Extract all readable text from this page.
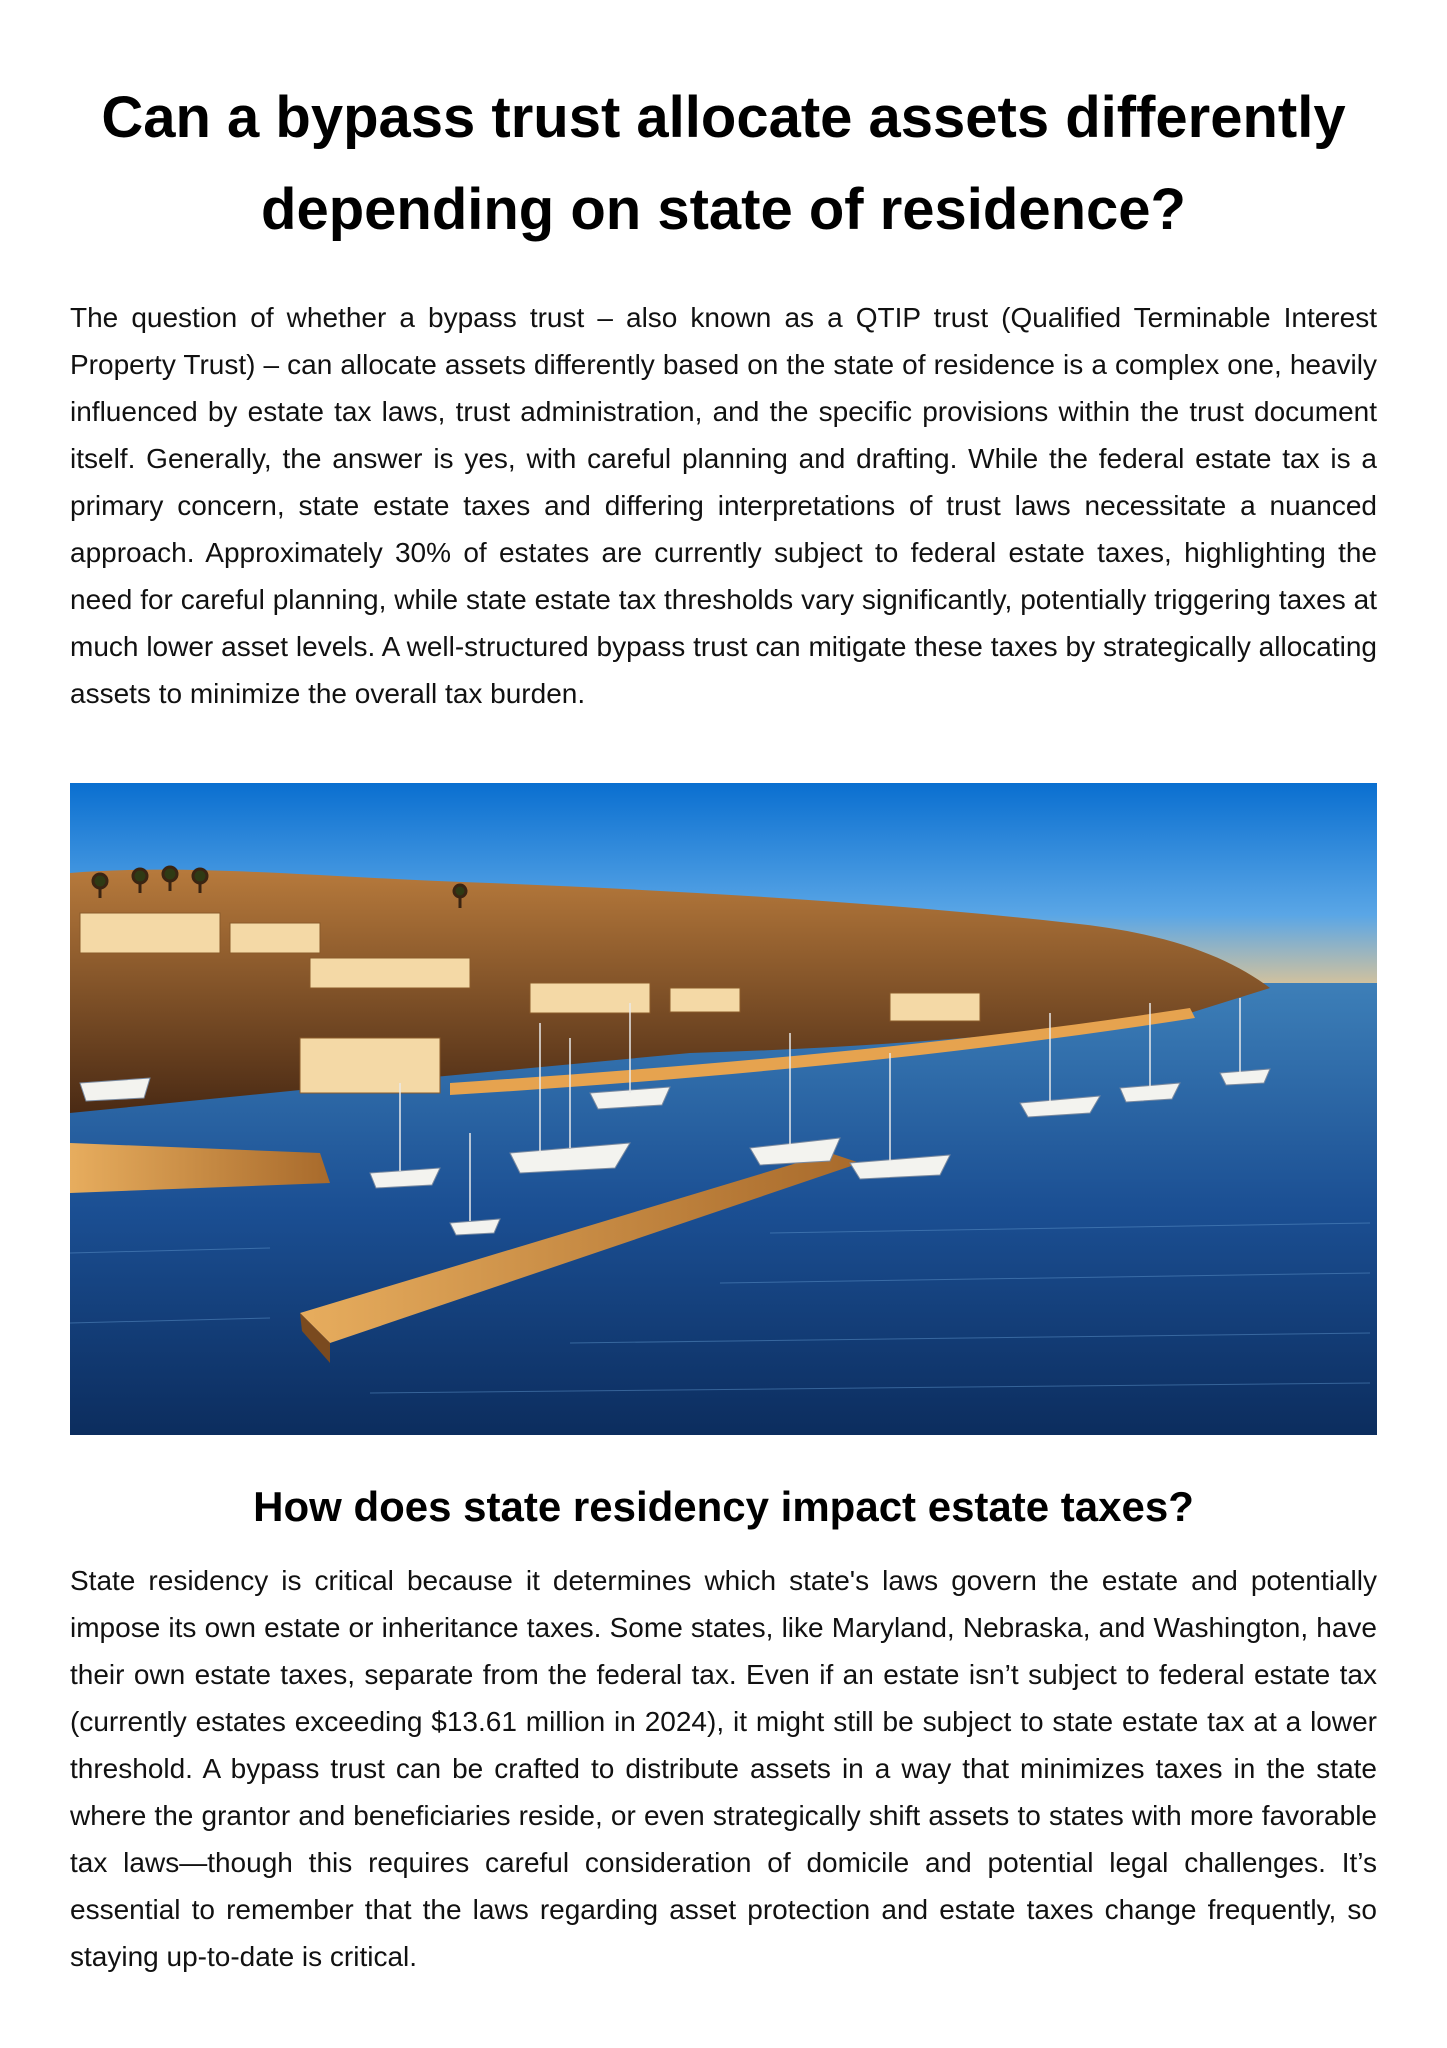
Can a bypass trust allocate assets differently depending on state of residence?

The question of whether a bypass trust – also known as a QTIP trust (Qualified Terminable Interest Property Trust) – can allocate assets differently based on the state of residence is a complex one, heavily influenced by estate tax laws, trust administration, and the specific provisions within the trust document itself. Generally, the answer is yes, with careful planning and drafting. While the federal estate tax is a primary concern, state estate taxes and differing interpretations of trust laws necessitate a nuanced approach. Approximately 30% of estates are currently subject to federal estate taxes, highlighting the need for careful planning, while state estate tax thresholds vary significantly, potentially triggering taxes at much lower asset levels. A well-structured bypass trust can mitigate these taxes by strategically allocating assets to minimize the overall tax burden.

How does state residency impact estate taxes?

State residency is critical because it determines which state's laws govern the estate and potentially impose its own estate or inheritance taxes. Some states, like Maryland, Nebraska, and Washington, have their own estate taxes, separate from the federal tax. Even if an estate isn’t subject to federal estate tax (currently estates exceeding $13.61 million in 2024), it might still be subject to state estate tax at a lower threshold. A bypass trust can be crafted to distribute assets in a way that minimizes taxes in the state where the grantor and beneficiaries reside, or even strategically shift assets to states with more favorable tax laws—though this requires careful consideration of domicile and potential legal challenges. It’s essential to remember that the laws regarding asset protection and estate taxes change frequently, so staying up-to-date is critical.
